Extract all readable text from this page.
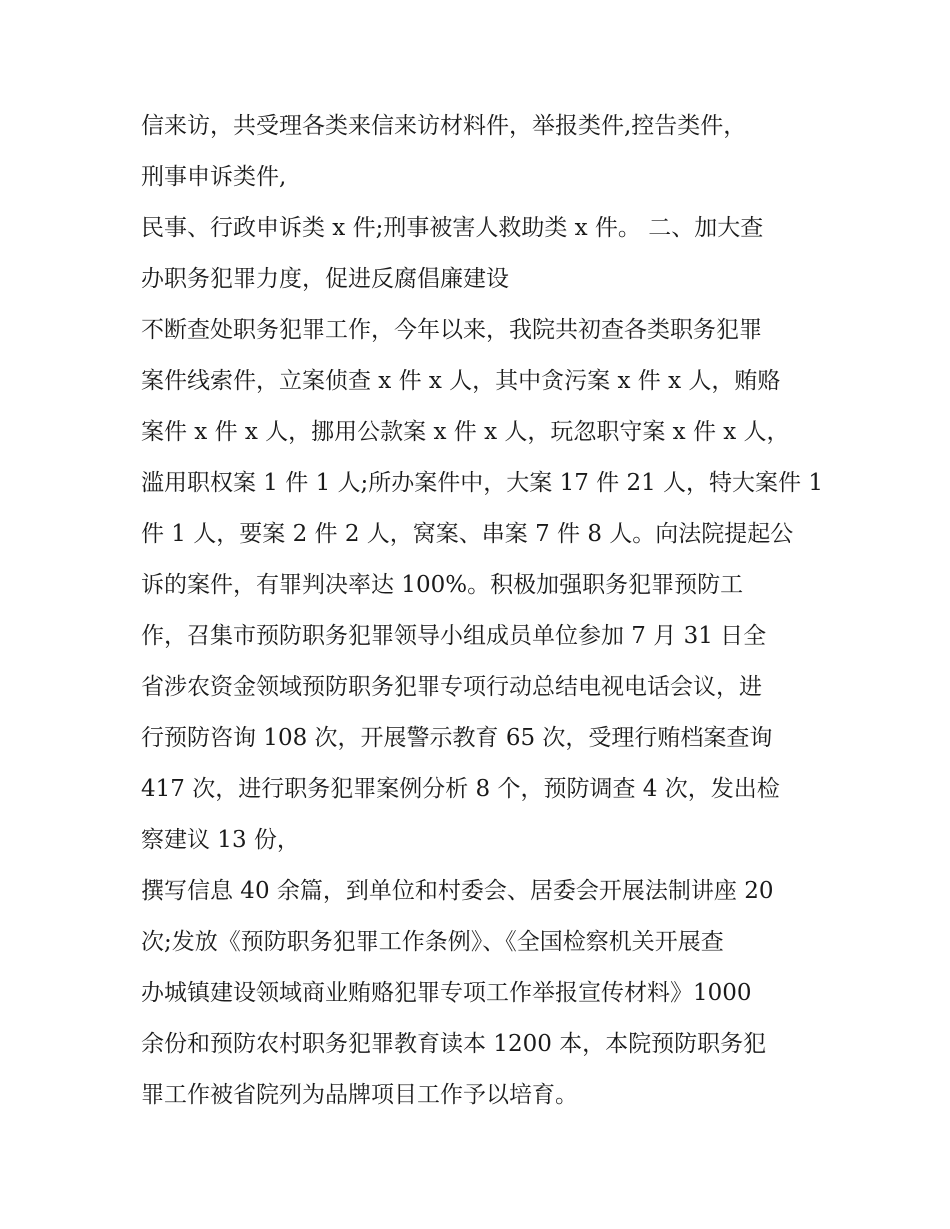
信来访，共受理各类来信来访材料件，举报类件,控告类件，
刑事申诉类件,
民事、行政申诉类 x 件;刑事被害人救助类 x 件。 二、加大查
办职务犯罪力度，促进反腐倡廉建设
不断查处职务犯罪工作，今年以来，我院共初查各类职务犯罪
案件线索件，立案侦查 x 件 x 人，其中贪污案 x 件 x 人，贿赂
案件 x 件 x 人，挪用公款案 x 件 x 人，玩忽职守案 x 件 x 人，
滥用职权案 1 件 1 人;所办案件中，大案 17 件 21 人，特大案件 1
件 1 人，要案 2 件 2 人，窝案、串案 7 件 8 人。向法院提起公
诉的案件，有罪判决率达 100%。积极加强职务犯罪预防工
作，召集市预防职务犯罪领导小组成员单位参加 7 月 31 日全
省涉农资金领域预防职务犯罪专项行动总结电视电话会议，进
行预防咨询 108 次，开展警示教育 65 次，受理行贿档案查询
417 次，进行职务犯罪案例分析 8 个，预防调查 4 次，发出检
察建议 13 份，
撰写信息 40 余篇，到单位和村委会、居委会开展法制讲座 20
次;发放《预防职务犯罪工作条例》、《全国检察机关开展查
办城镇建设领域商业贿赂犯罪专项工作举报宣传材料》1000
余份和预防农村职务犯罪教育读本 1200 本，本院预防职务犯
罪工作被省院列为品牌项目工作予以培育。
